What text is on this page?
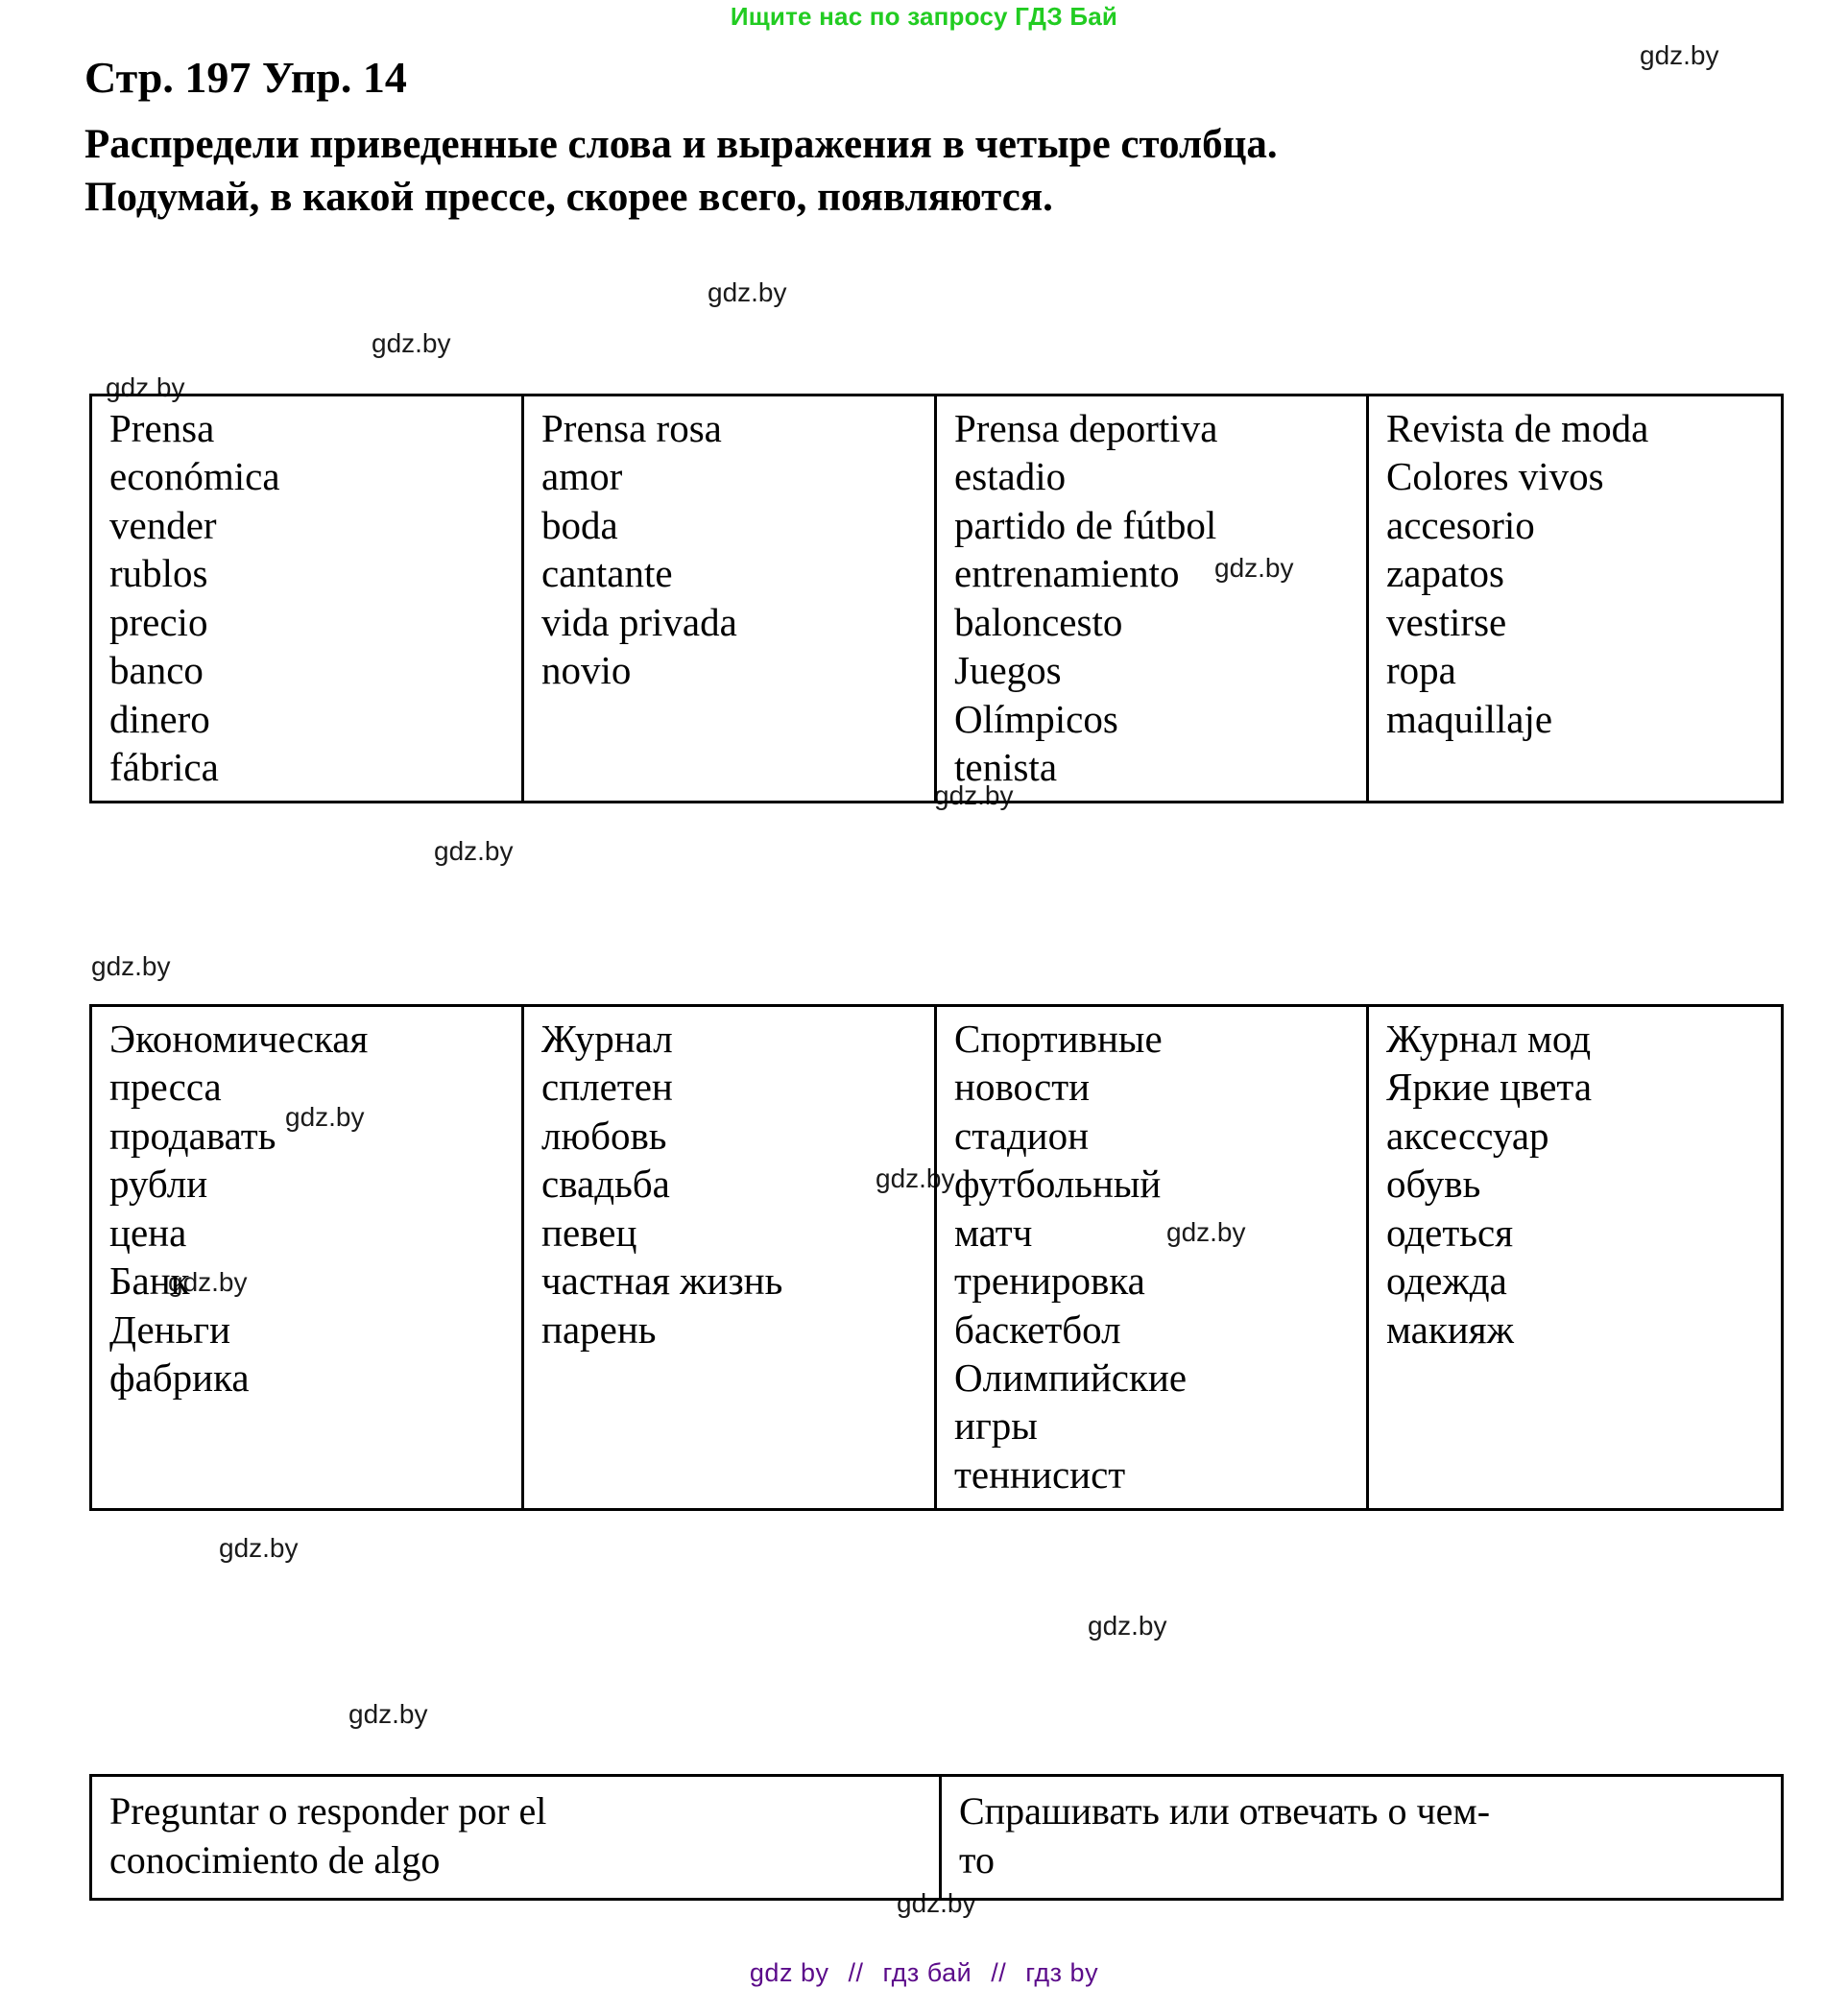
Ищите нас по запросу ГДЗ Бай
gdz.by
gdz.by
gdz.by
gdz.by
gdz.by
gdz.by
gdz.by
gdz.by
gdz.by
gdz.by
gdz.by
gdz.by
gdz.by
gdz.by
gdz.by
gdz.by

Стр. 197 Упр. 14

Распредели приведенные слова и выражения в четыре столбца.

Подумай, в какой прессе, скорее всего, появляются.

Prensa
económica
vender
rublos
precio
banco
dinero
fábrica

Prensa rosa
amor
boda
cantante
vida privada
novio

Prensa deportiva
estadio
partido de fútbol
entrenamiento
baloncesto
Juegos
Olímpicos
tenista

Revista de moda
Colores vivos
accesorio
zapatos
vestirse
ropa
maquillaje
Экономическая
пресса
продавать
рубли
цена
Банк
Деньги
фабрика

Журнал
сплетен
любовь
свадьба
певец
частная жизнь
парень

Спортивные
новости
стадион
футбольный
матч
тренировка
баскетбол
Олимпийские
игры
теннисист

Журнал мод
Яркие цвета
аксессуар
обувь
одеться
одежда
макияж
Preguntar o responder por el
conocimiento de algo

Спрашивать или отвечать о чем-
то
gdz by // гдз бай // гдз by
